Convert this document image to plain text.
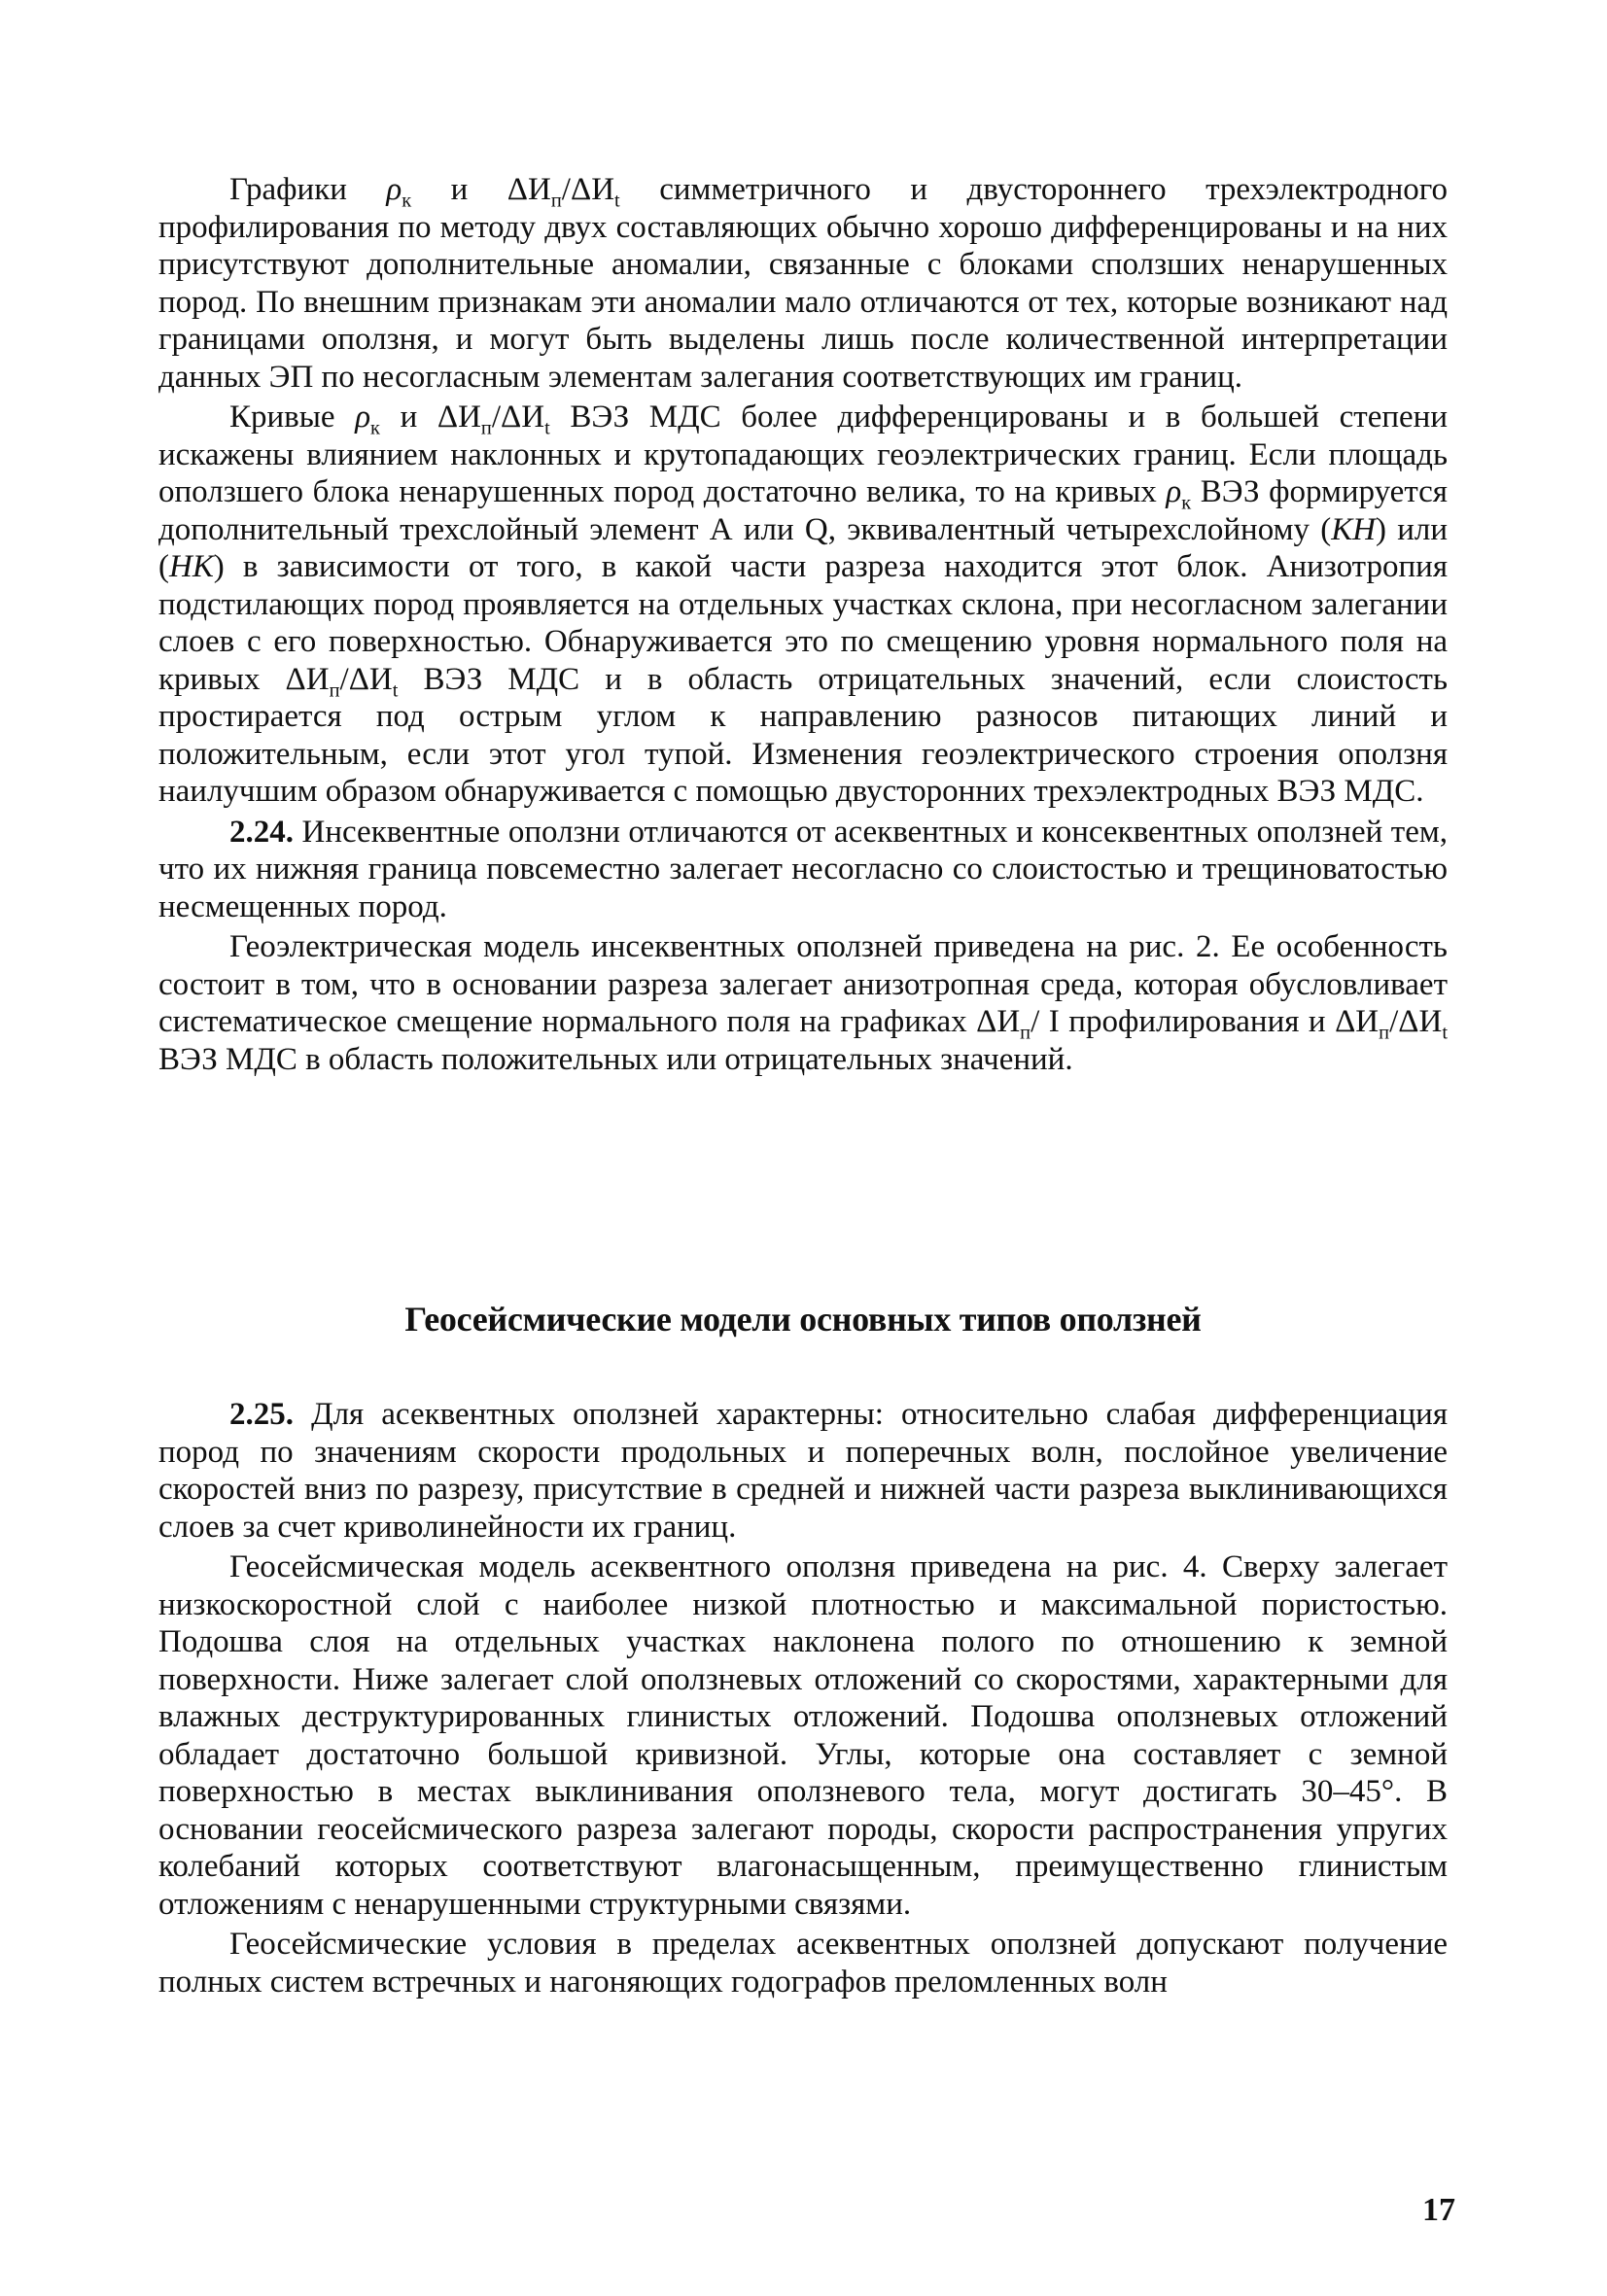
Графики $\rho_к$ и $\Delta И_п/\Delta И_t$ симметричного и двустороннего трехэлектродного профилирования по методу двух составляющих обычно хорошо дифференцированы и на них присутствуют дополнительные аномалии, связанные с блоками сползших ненарушенных пород. По внешним признакам эти аномалии мало отличаются от тех, которые возникают над границами оползня, и могут быть выделены лишь после количественной интерпретации данных ЭП по несогласным элементам залегания соответствующих им границ.

Кривые $\rho_к$ и $\Delta И_п/\Delta И_t$ ВЭЗ МДС более дифференцированы и в большей степени искажены влиянием наклонных и крутопадающих геоэлектрических границ. Если площадь оползшего блока ненарушенных пород достаточно велика, то на кривых $\rho_к$ ВЭЗ формируется дополнительный трехслойный элемент А или Q, эквивалентный четырехслойному (КН) или (НК) в зависимости от того, в какой части разреза находится этот блок. Анизотропия подстилающих пород проявляется на отдельных участках склона, при несогласном залегании слоев с его поверхностью. Обнаруживается это по смещению уровня нормального поля на кривых $\Delta И_п/\Delta И_t$ ВЭЗ МДС и в область отрицательных значений, если слоистость простирается под острым углом к направлению разносов питающих линий и положительным, если этот угол тупой. Изменения геоэлектрического строения оползня наилучшим образом обнаруживается с помощью двусторонних трехэлектродных ВЭЗ МДС.

2.24. Инсеквентные оползни отличаются от асеквентных и консеквентных оползней тем, что их нижняя граница повсеместно залегает несогласно со слоистостью и трещиноватостью несмещенных пород.

Геоэлектрическая модель инсеквентных оползней приведена на рис. 2. Ее особенность состоит в том, что в основании разреза залегает анизотропная среда, которая обусловливает систематическое смещение нормального поля на графиках $\Delta И_п/$ I профилирования и $\Delta И_п/\Delta И_t$ ВЭЗ МДС в область положительных или отрицательных значений.

Геосейсмические модели основных типов оползней

2.25. Для асеквентных оползней характерны: относительно слабая дифференциация пород по значениям скорости продольных и поперечных волн, послойное увеличение скоростей вниз по разрезу, присутствие в средней и нижней части разреза выклинивающихся слоев за счет криволинейности их границ.

Геосейсмическая модель асеквентного оползня приведена на рис. 4. Сверху залегает низкоскоростной слой с наиболее низкой плотностью и максимальной пористостью. Подошва слоя на отдельных участках наклонена полого по отношению к земной поверхности. Ниже залегает слой оползневых отложений со скоростями, характерными для влажных деструктурированных глинистых отложений. Подошва оползневых отложений обладает достаточно большой кривизной. Углы, которые она составляет с земной поверхностью в местах выклинивания оползневого тела, могут достигать 30–45°. В основании геосейсмического разреза залегают породы, скорости распространения упругих колебаний которых соответствуют влагонасыщенным, преимущественно глинистым отложениям с ненарушенными структурными связями.

Геосейсмические условия в пределах асеквентных оползней допускают получение полных систем встречных и нагоняющих годографов преломленных волн

17
